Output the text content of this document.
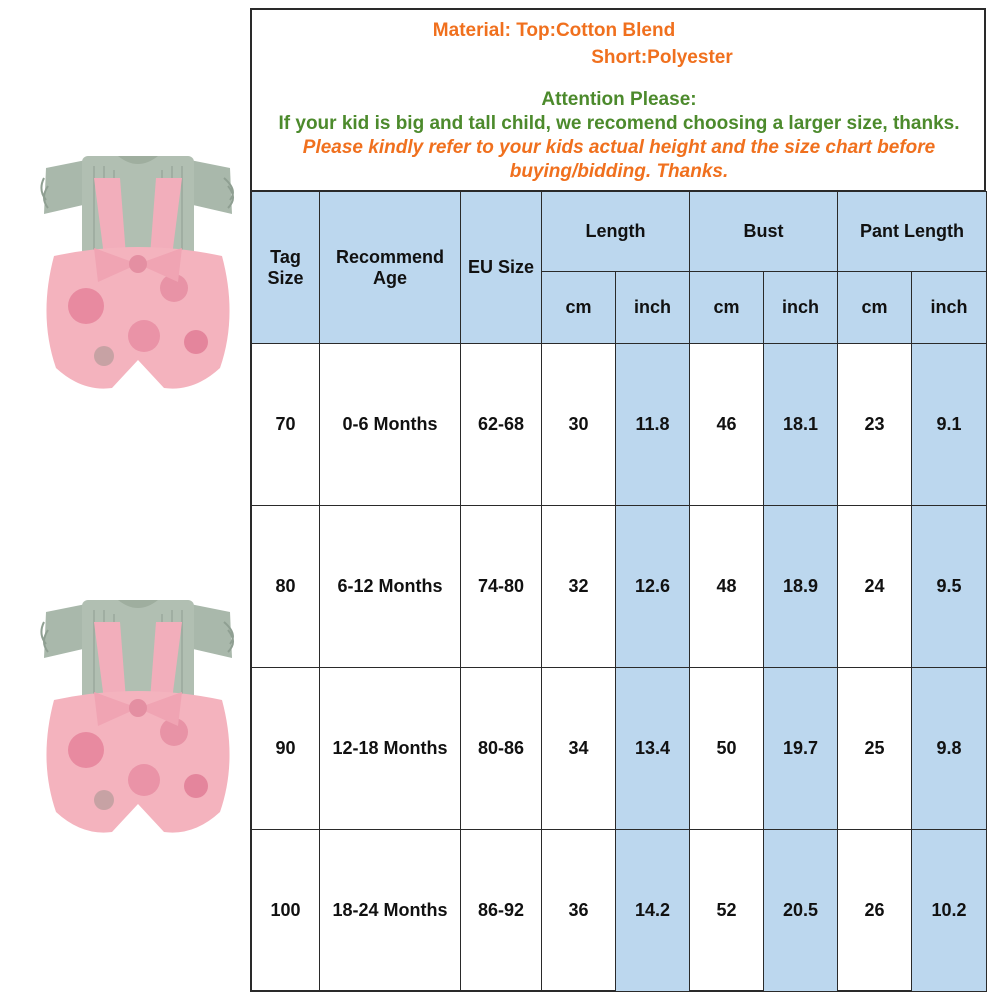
Material: Top:Cotton Blend
Short:Polyester
Attention Please:
If your kid is big and tall child, we recomend choosing a larger size, thanks.
Please kindly refer to your kids actual height and the size chart before
buying/bidding. Thanks.
Tag Size	Recommend Age	EU Size	Length		Bust		Pant Length	
			cm	inch	cm	inch	cm	inch
70	0-6 Months	62-68	30	11.8	46	18.1	23	9.1
80	6-12 Months	74-80	32	12.6	48	18.9	24	9.5
90	12-18 Months	80-86	34	13.4	50	19.7	25	9.8
100	18-24 Months	86-92	36	14.2	52	20.5	26	10.2
